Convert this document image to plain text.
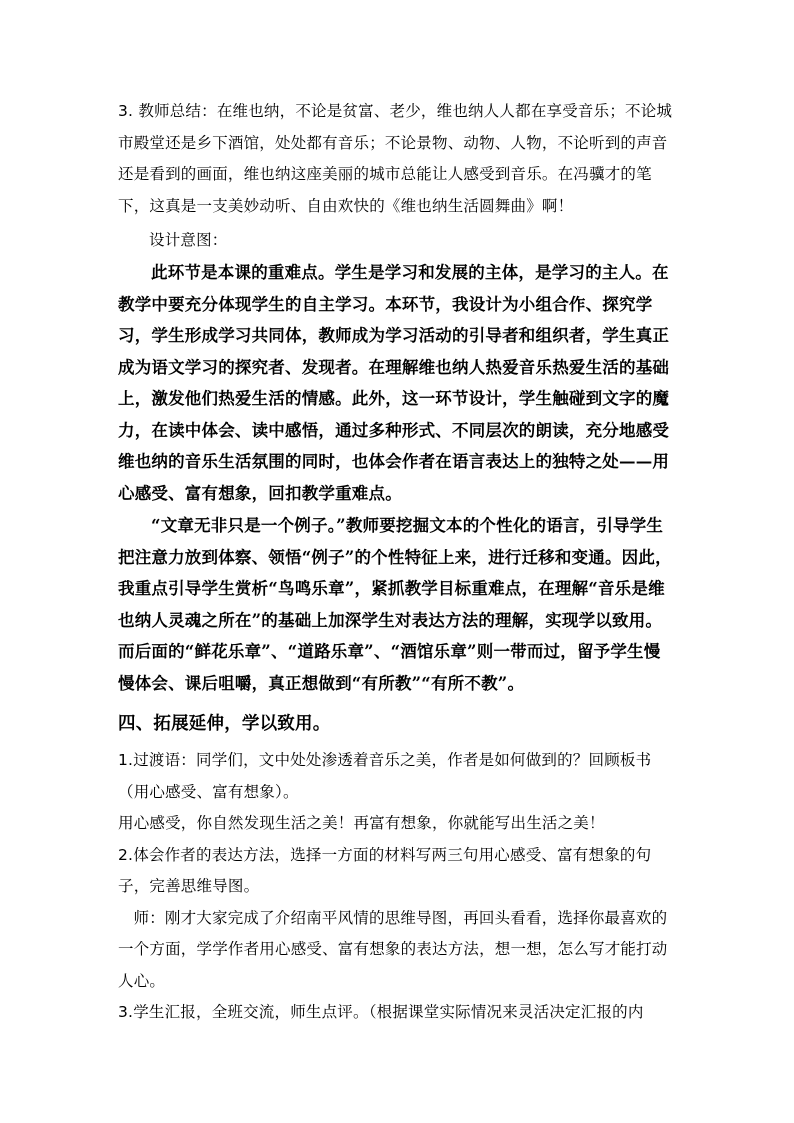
3. 教师总结：在维也纳，不论是贫富、老少，维也纳人人都在享受音乐；不论城市殿堂还是乡下酒馆，处处都有音乐；不论景物、动物、人物，不论听到的声音还是看到的画面，维也纳这座美丽的城市总能让人感受到音乐。在冯骥才的笔下，这真是一支美妙动听、自由欢快的《维也纳生活圆舞曲》啊！

设计意图：

此环节是本课的重难点。学生是学习和发展的主体，是学习的主人。在教学中要充分体现学生的自主学习。本环节，我设计为小组合作、探究学习，学生形成学习共同体，教师成为学习活动的引导者和组织者，学生真正成为语文学习的探究者、发现者。在理解维也纳人热爱音乐热爱生活的基础上，激发他们热爱生活的情感。此外，这一环节设计，学生触碰到文字的魔力，在读中体会、读中感悟，通过多种形式、不同层次的朗读，充分地感受维也纳的音乐生活氛围的同时，也体会作者在语言表达上的独特之处——用心感受、富有想象，回扣教学重难点。

“文章无非只是一个例子。”教师要挖掘文本的个性化的语言，引导学生把注意力放到体察、领悟“例子”的个性特征上来，进行迁移和变通。因此，我重点引导学生赏析“鸟鸣乐章”，紧抓教学目标重难点，在理解“音乐是维也纳人灵魂之所在”的基础上加深学生对表达方法的理解，实现学以致用。而后面的“鲜花乐章”、“道路乐章”、“酒馆乐章”则一带而过，留予学生慢慢体会、课后咀嚼，真正想做到“有所教”“有所不教”。

四、拓展延伸，学以致用。

1.过渡语：同学们，文中处处渗透着音乐之美，作者是如何做到的？回顾板书（用心感受、富有想象）。

用心感受，你自然发现生活之美！再富有想象，你就能写出生活之美！

2.体会作者的表达方法，选择一方面的材料写两三句用心感受、富有想象的句子，完善思维导图。

师：刚才大家完成了介绍南平风情的思维导图，再回头看看，选择你最喜欢的一个方面，学学作者用心感受、富有想象的表达方法，想一想，怎么写才能打动人心。

3.学生汇报，全班交流，师生点评。（根据课堂实际情况来灵活决定汇报的内
